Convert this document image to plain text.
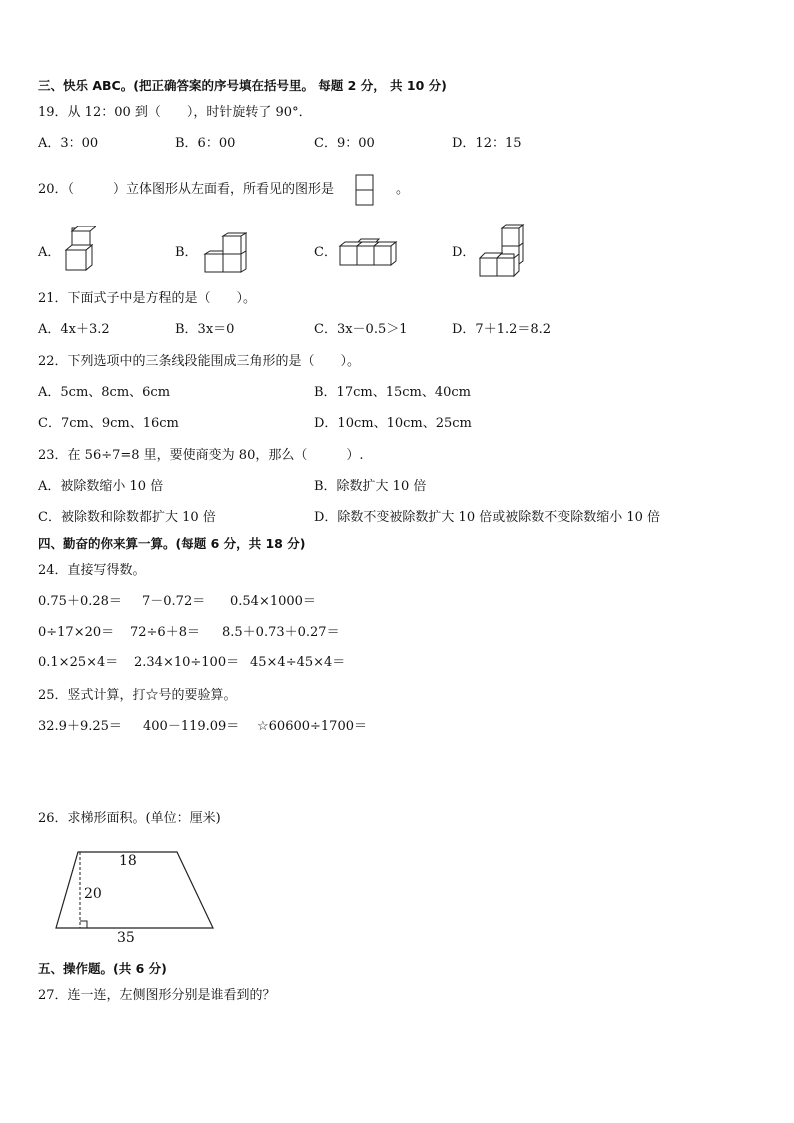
三、快乐 ABC。(把正确答案的序号填在括号里。 每题 2 分， 共 10 分)
19．从 12：00 到（　　），时针旋转了 90°．
A．3：00	B．6：00	C．9：00	D．12：15
20．（　　　）立体图形从左面看，所看见的图形是	。
A．	B．	C．	D．
21．下面式子中是方程的是（　　）。
A．4x＋3.2	B．3x＝0	C．3x－0.5＞1	D．7＋1.2＝8.2
22．下列选项中的三条线段能围成三角形的是（　　）。
A．5cm、8cm、6cm	B．17cm、15cm、40cm
C．7cm、9cm、16cm	D．10cm、10cm、25cm
23．在 56÷7=8 里，要使商变为 80，那么（　　　）.
A．被除数缩小 10 倍	B．除数扩大 10 倍
C．被除数和除数都扩大 10 倍	D．除数不变被除数扩大 10 倍或被除数不变除数缩小 10 倍
四、勤奋的你来算一算。(每题 6 分，共 18 分)
24．直接写得数。
0.75＋0.28＝ 7－0.72＝ 0.54×1000＝
0÷17×20＝ 72÷6＋8＝ 8.5＋0.73＋0.27＝
0.1×25×4＝ 2.34×10÷100＝ 45×4÷45×4＝
25．竖式计算，打☆号的要验算。
32.9＋9.25＝ 400－119.09＝ ☆60600÷1700＝
26．求梯形面积。(单位：厘米)
18
20
35
五、操作题。(共 6 分)
27．连一连，左侧图形分别是谁看到的？
